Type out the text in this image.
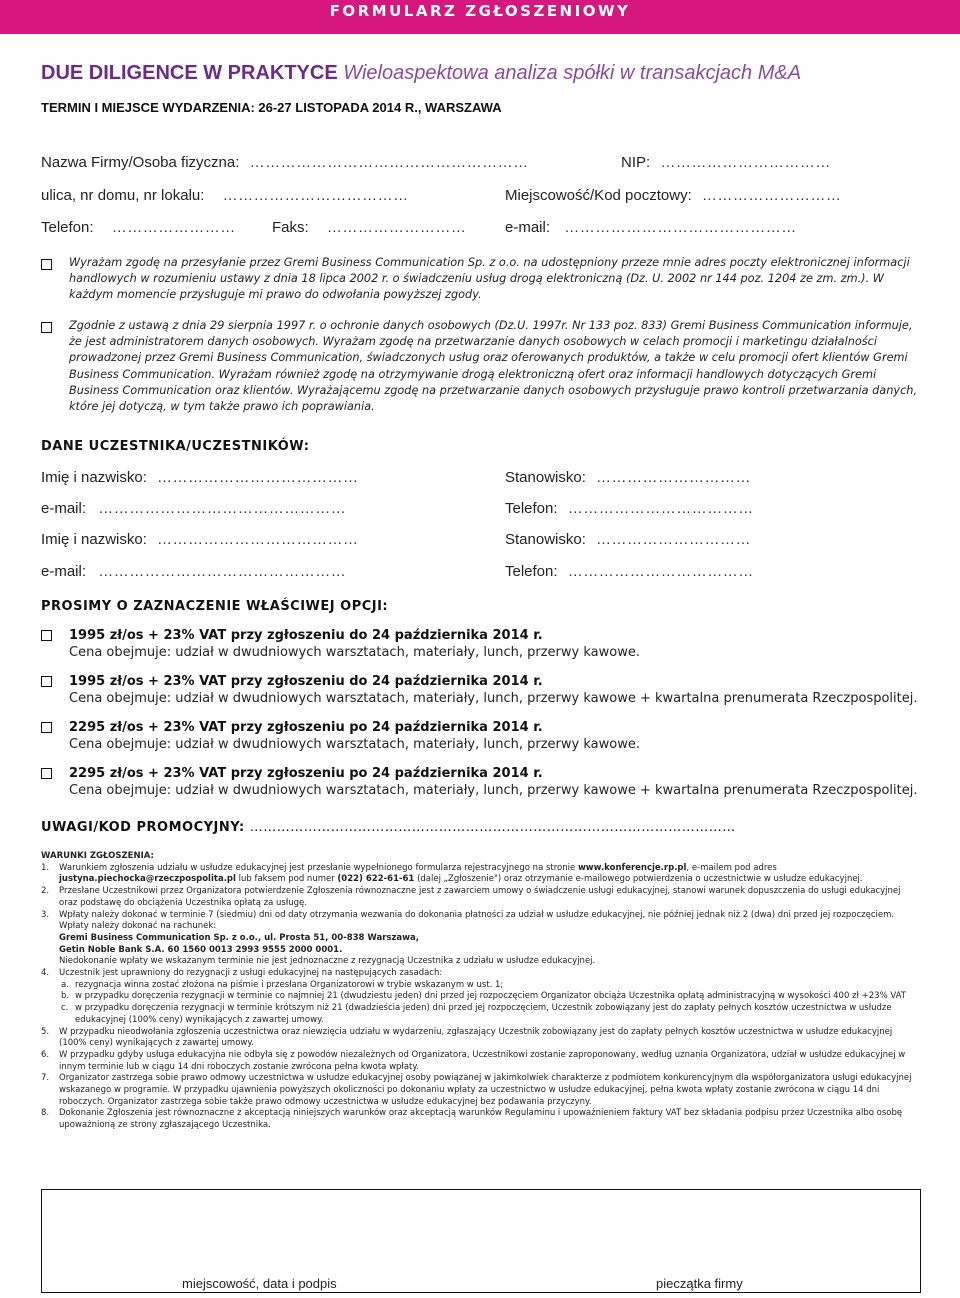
FORMULARZ ZGŁOSZENIOWY
DUE DILIGENCE W PRAKTYCE Wieloaspektowa analiza spółki w transakcjach M&A
TERMIN I MIEJSCE WYDARZENIA: 26-27 LISTOPADA 2014 R., WARSZAWA
Nazwa Firmy/Osoba fizyczna: ………………………………………………	NIP: ……………………………
ulica, nr domu, nr lokalu: ………………………………	Miejscowość/Kod pocztowy: ………………………
Telefon: …………………… Faks: ………………………	e-mail: ………………………………………
Wyrażam zgodę na przesyłanie przez Gremi Business Communication Sp. z o.o. na udostępniony przeze mnie adres poczty elektronicznej informacji handlowych w rozumieniu ustawy z dnia 18 lipca 2002 r. o świadczeniu usług drogą elektroniczną (Dz. U. 2002 nr 144 poz. 1204 ze zm. zm.). W każdym momencie przysługuje mi prawo do odwołania powyższej zgody.
Zgodnie z ustawą z dnia 29 sierpnia 1997 r. o ochronie danych osobowych (Dz.U. 1997r. Nr 133 poz. 833) Gremi Business Communication informuje, że jest administratorem danych osobowych. Wyrażam zgodę na przetwarzanie danych osobowych w celach promocji i marketingu działalności prowadzonej przez Gremi Business Communication, świadczonych usług oraz oferowanych produktów, a także w celu promocji ofert klientów Gremi Business Communication. Wyrażam również zgodę na otrzymywanie drogą elektroniczną ofert oraz informacji handlowych dotyczących Gremi Business Communication oraz klientów. Wyrażającemu zgodę na przetwarzanie danych osobowych przysługuje prawo kontroli przetwarzania danych, które jej dotyczą, w tym także prawo ich poprawiania.
DANE UCZESTNIKA/UCZESTNIKÓW:
Imię i nazwisko: …………………………………	Stanowisko: …………………………
e-mail: …………………………………………	Telefon: ………………………………
Imię i nazwisko: …………………………………	Stanowisko: …………………………
e-mail: …………………………………………	Telefon: ………………………………
PROSIMY O ZAZNACZENIE WŁAŚCIWEJ OPCJI:
1995 zł/os + 23% VAT przy zgłoszeniu do 24 października 2014 r.
Cena obejmuje: udział w dwudniowych warsztatach, materiały, lunch, przerwy kawowe.
1995 zł/os + 23% VAT przy zgłoszeniu do 24 października 2014 r.
Cena obejmuje: udział w dwudniowych warsztatach, materiały, lunch, przerwy kawowe + kwartalna prenumerata Rzeczpospolitej.
2295 zł/os + 23% VAT przy zgłoszeniu po 24 października 2014 r.
Cena obejmuje: udział w dwudniowych warsztatach, materiały, lunch, przerwy kawowe.
2295 zł/os + 23% VAT przy zgłoszeniu po 24 października 2014 r.
Cena obejmuje: udział w dwudniowych warsztatach, materiały, lunch, przerwy kawowe + kwartalna prenumerata Rzeczpospolitej.
UWAGI/KOD PROMOCYJNY: ………………………………………………………………………………………………
WARUNKI ZGŁOSZENIA:
1. Warunkiem zgłoszenia udziału w usłudze edukacyjnej jest przesłanie wypełnionego formularza rejestracyjnego na stronie www.konferencje.rp.pl, e-mailem pod adres justyna.piechocka@rzeczpospolita.pl lub faksem pod numer (022) 622-61-61 (dalej „Zgłoszenie") oraz otrzymanie e-mailowego potwierdzenia o uczestnictwie w usłudze edukacyjnej.
2. Przesłane Uczestnikowi przez Organizatora potwierdzenie Zgłoszenia równoznaczne jest z zawarciem umowy o świadczenie usługi edukacyjnej, stanowi warunek dopuszczenia do usługi edukacyjnej oraz podstawę do obciążenia Uczestnika opłatą za usługę.
3. Wpłaty należy dokonać w terminie 7 (siedmiu) dni od daty otrzymania wezwania do dokonania płatności za udział w usłudze edukacyjnej, nie później jednak niż 2 (dwa) dni przed jej rozpoczęciem. Wpłaty należy dokonać na rachunek:
Gremi Business Communication Sp. z o.o., ul. Prosta 51, 00-838 Warszawa,
Getin Noble Bank S.A. 60 1560 0013 2993 9555 2000 0001.
Niedokonanie wpłaty we wskazanym terminie nie jest jednoznaczne z rezygnacją Uczestnika z udziału w usłudze edukacyjnej.
4. Uczestnik jest uprawniony do rezygnacji z usługi edukacyjnej na następujących zasadach:
a. rezygnacja winna zostać złożona na piśmie i przesłana Organizatorowi w trybie wskazanym w ust. 1;
b. w przypadku doręczenia rezygnacji w terminie co najmniej 21 (dwudziestu jeden) dni przed jej rozpoczęciem Organizator obciąża Uczestnika opłatą administracyjną w wysokości 400 zł +23% VAT
c. w przypadku doręczenia rezygnacji w terminie krótszym niż 21 (dwadzieścia jeden) dni przed jej rozpoczęciem, Uczestnik zobowiązany jest do zapłaty pełnych kosztów uczestnictwa w usłudze edukacyjnej (100% ceny) wynikających z zawartej umowy.
5. W przypadku nieodwołania zgłoszenia uczestnictwa oraz niewzięcia udziału w wydarzeniu, zgłaszający Uczestnik zobowiązany jest do zapłaty pełnych kosztów uczestnictwa w usłudze edukacyjnej (100% ceny) wynikających z zawartej umowy.
6. W przypadku gdyby usługa edukacyjna nie odbyła się z powodów niezależnych od Organizatora, Uczestnikowi zostanie zaproponowany, według uznania Organizatora, udział w usłudze edukacyjnej w innym terminie lub w ciągu 14 dni roboczych zostanie zwrócona pełna kwota wpłaty.
7. Organizator zastrzega sobie prawo odmowy uczestnictwa w usłudze edukacyjnej osoby powiązanej w jakimkolwiek charakterze z podmiotem konkurencyjnym dla współorganizatora usługi edukacyjnej wskazanego w programie. W przypadku ujawnienia powyższych okoliczności po dokonaniu wpłaty za uczestnictwo w usłudze edukacyjnej, pełna kwota wpłaty zostanie zwrócona w ciągu 14 dni roboczych. Organizator zastrzega sobie także prawo odmowy uczestnictwa w usłudze edukacyjnej bez podawania przyczyny.
8. Dokonanie Zgłoszenia jest równoznaczne z akceptacją niniejszych warunków oraz akceptacją warunków Regulaminu i upoważnieniem faktury VAT bez składania podpisu przez Uczestnika albo osobę upoważnioną ze strony zgłaszającego Uczestnika.
miejscowość, data i podpis	pieczątka firmy
